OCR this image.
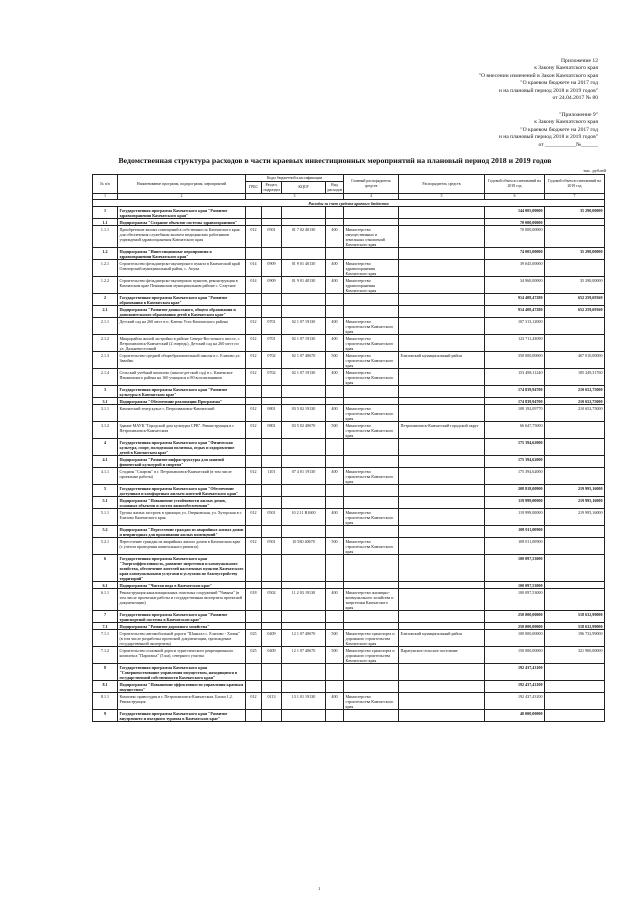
Приложение 12
к Закону Камчатского края
"О внесении изменений в Закон Камчатского края
"О краевом бюджете на 2017 год
и на плановый период 2018 и 2019 годов"
от 24.04.2017 № 80
"Приложение 9"
к Закону Камчатского края
"О краевом бюджете на 2017 год
и на плановый период 2018 и 2019 годов"
от ___________№______
Ведомственная структура расходов в части краевых инвестиционных мероприятий на плановый период 2018 и 2019 годов
тыс. рублей
№ п/п	Наименование программ, подпрограмм, мероприятий	Коды бюджетной классификации				Главный распорядитель средств	Распорядитель средств	Годовой объем ассигнований на 2018 год	Годовой объем ассигнований на 2019 год	
		ГРБС	Раздел, подраздел	КЦСР	Вид расходов					
1	2	3				4	5	6	7			
Расходы за счет средств краевого бюджета										
1	Государственная программа Камчатского края "Развитие здравоохранения Камчатского края"							144 005,00000	35 290,00000	
1.1	Подпрограмма "Создание объектов системы здравоохранения"							70 000,00000		
1.1.1	Приобретение жилых помещений в собственность Камчатского края для обеспечения служебным жильем медицинских работников учреждений здравоохранения Камчатского края	012	0501	01 7 02 40130	400	Министерство имущественных и земельных отношений Камчатского края		70 000,00000		
1.2	Подпрограмма "Инвестиционные мероприятия в здравоохранении Камчатского края"							74 005,00000	35 290,00000	
1.2.1	Строительство фельдшерско-акушерского пункта в Камчатский край Олюторский муниципальный район, с. Апука	014	0909	01 9 01 40130	400	Министерство здравоохранения Камчатского края		39 045,00000		
1.2.2	Строительство фельдшерско-акушерских пунктов, реконструкция в Камчатском крае Пенжинском муниципальном районе с. Слаутное	014	0909	01 9 01 40130	400	Министерство здравоохранения Камчатского края		34 960,00000	35 290,00000	
2	Государственная программа Камчатского края "Развитие образования в Камчатском крае"							914 408,47280	652 259,69360	
2.1	Подпрограмма "Развитие дошкольного, общего образования и дополнительного образования детей в Камчатском крае"							914 408,47280	652 259,69360	
2.1.1	Детский сад на 260 мест в п. Ключи Усть-Камчатского района	012	0701	02 1 07 19130	400	Министерство строительства Камчатского края		107 313,12000		
2.1.2	Микрорайон жилой застройки в районе Северо-Восточного шоссе, г. Петропавловск-Камчатский (2 очередь). Детский сад на 260 мест по ул. Дальневосточной	012	0701	02 1 07 19130	400	Министерство строительства Камчатского края		123 711,43090		
2.1.3	Строительство средней общеобразовательной школы в с. Елизово ул. Завойко	012	0702	02 1 07 40670	500	Министерство строительства Камчатского края	Елизовский муниципальный район	350 000,00000	467 010,00000	
2.1.4	Сельский учебный комплекс (школа-детский сад) в с. Каменское Пенжинского района на 160 учащихся и 80 воспитанников	012	0702	02 1 07 19130	400	Министерство строительства Камчатского края		153 498,11240	185 249,31760	
3	Государственная программа Камчатского края "Развитие культуры в Камчатском крае"							174 839,94700	210 652,75000	
3.1	Подпрограмма "Обеспечение реализации Программы"							174 839,94700	210 652,75000	
3.1.1	Камчатский театр кукол г. Петропавловск-Камчатский	012	0801	03 5 02 19130	400	Министерство строительства Камчатского края		108 192,09770	210 652,75000	
3.1.2	Здание МАУК "Городской дом культуры СРВ". Реконструкция в г. Петропавловск-Камчатском	012	0801	03 5 02 40670	500	Министерство строительства Камчатского края	Петропавловск-Камчатский городской округ	66 647,75000		
4	Государственная программа Камчатского края "Физическая культура, спорт, молодежная политика, отдых и оздоровление детей в Камчатском крае"							175 394,62000		
4.1	Подпрограмма "Развитие инфраструктуры для занятий физической культурой и спортом"							175 394,62000		
4.1.1	Стадион "Спартак" в г. Петропавловск-Камчатский (в том числе проектные работы)	012	1101	07 4 01 19130	400	Министерство строительства Камчатского края		175 394,62000		
5	Государственная программа Камчатского края "Обеспечение доступным и комфортным жильем жителей Камчатского края"							208 818,00900	219 995,16000	
5.1	Подпрограмма "Повышение устойчивости жилых домов, основных объектов и систем жизнеобеспечения"							119 999,00000	219 995,16000	
5.1.1	Группа жилых застроек в границах ул. Озерновская, ул. Хуторская в г. Елизово Камчатского края	012	0501	10 2 11 R1600	400	Министерство строительства Камчатского края		119 999,00000	219 995,16000	
5.2	Подпрограмма "Переселение граждан из аварийных жилых домов и непригодных для проживания жилых помещений"							108 011,00900		
5.2.1	Переселение граждан из аварийных жилых домов в Камчатском крае (с учетом проведения капитального ремонта)	012	0501	10 5Ю 40670	500	Министерство строительства Камчатского края		108 011,00900		
6	Государственная программа Камчатского края "Энергоэффективность, развитие энергетики и коммунального хозяйства, обеспечение жителей населенных пунктов Камчатского края коммунальными услугами и услугами по благоустройству территорий"							100 097,53000		
6.1	Подпрограмма "Чистая вода в Камчатском крае"							100 097,53000		
6.1.1	Реконструкция канализационных очистных сооружений "Чавыча" (в том числе проектные работы и государственная экспертиза проектной документации)	018	0502	11 2 03 19130	400	Министерство жилищно-коммунального хозяйства и энергетики Камчатского края		100 097,53000		
7	Государственная программа Камчатского края "Развитие транспортной системы в Камчатском крае"							250 000,00000	518 632,99000	
7.1	Подпрограмма "Развитие дорожного хозяйства"							250 000,00000	518 632,99000	
7.1.1	Строительство автомобильной дороги "Шаньгал с. Елизово - Хачин" (в том числе разработка проектной документации, прохождение государственной экспертизы)	025	0409	12 1 07 40670	500	Министерство транспорта и дорожного строительства Камчатского края	Елизовский муниципальный район	100 000,00000	196 732,99000	
7.1.2	Строительство основной дороги туристического рекреационного комплекса "Парагаша" (5 км), северного участка	025	0409	12 1 07 40670	500	Министерство транспорта и дорожного строительства Камчатского края	Паратунское сельское поселение	150 000,00000	321 900,00000	
8	Государственная программа Камчатского края "Совершенствование управления имуществом, находящимся в государственной собственности Камчатского края"							192 437,43100		
8.1	Подпрограмма "Повышение эффективности управления краевым имуществом"							192 437,43100		
8.1.1	Комплекс правосудия в г. Петропавловск-Камчатском. Блоки 1,2. Реконструкция	012	0113	13 1 01 19130	400	Министерство строительства Камчатского края		192 437,43100		
9	Государственная программа Камчатского края "Развитие внутреннего и въездного туризма в Камчатском крае"							40 000,00000		
1
